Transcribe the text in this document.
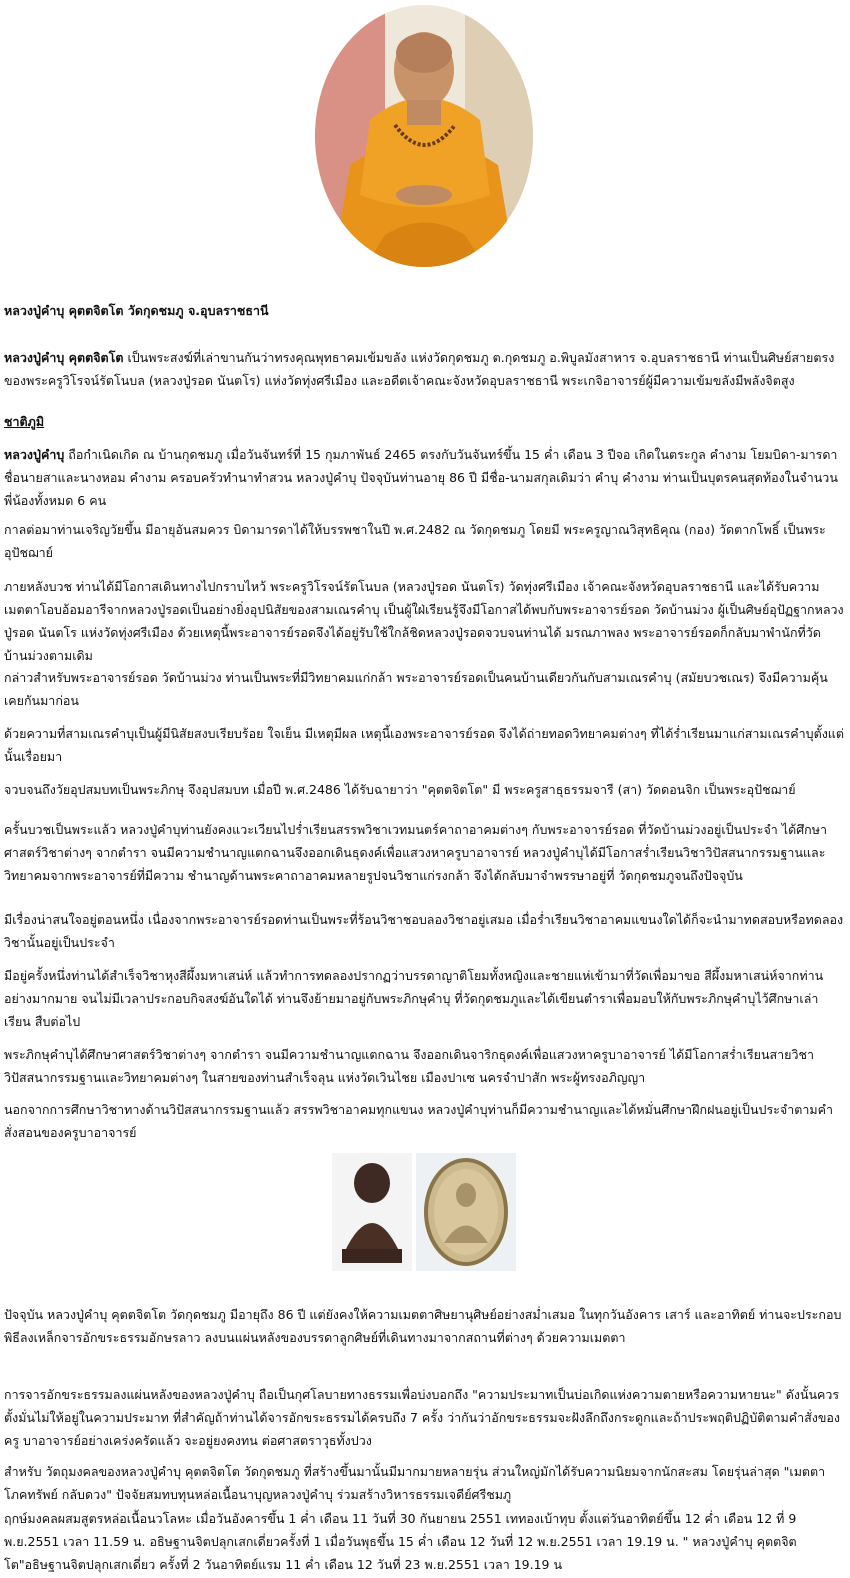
หลวงปู่คำบุ คุตตจิตโต วัดกุดชมภู จ.อุบลราชธานี

หลวงปู่คำบุ คุตตจิตโต เป็นพระสงฆ์ที่เล่าขานกันว่าทรงคุณพุทธาคมเข้มขลัง แห่งวัดกุดชมภู ต.กุดชมภู อ.พิบูลมังสาหาร จ.อุบลราชธานี ท่านเป็นศิษย์สายตรงของพระครูวิโรจน์รัตโนบล (หลวงปู่รอด นันตโร) แห่งวัดทุ่งศรีเมือง และอดีตเจ้าคณะจังหวัดอุบลราชธานี พระเกจิอาจารย์ผู้มีความเข้มขลังมีพลังจิตสูง

ชาติภูมิ

หลวงปู่คำบุ ถือกำเนิดเกิด ณ บ้านกุดชมภู เมื่อวันจันทร์ที่ 15 กุมภาพันธ์ 2465 ตรงกับวันจันทร์ขึ้น 15 ค่ำ เดือน 3 ปีจอ เกิดในตระกูล คำงาม โยมบิดา-มารดา ชื่อนายสาและนางหอม คำงาม ครอบครัวทำนาทำสวน หลวงปู่คำบุ ปัจจุบันท่านอายุ 86 ปี มีชื่อ-นามสกุลเดิมว่า คำบุ คำงาม ท่านเป็นบุตรคนสุดท้องในจำนวนพี่น้องทั้งหมด 6 คน

กาลต่อมาท่านเจริญวัยขึ้น มีอายุอันสมควร บิดามารดาได้ให้บรรพชาในปี พ.ศ.2482 ณ วัดกุดชมภู โดยมี พระครูญาณวิสุทธิคุณ (กอง) วัดตากโพธิ์ เป็นพระอุปัชฌาย์

ภายหลังบวช ท่านได้มีโอกาสเดินทางไปกราบไหว้ พระครูวิโรจน์รัตโนบล (หลวงปู่รอด นันตโร) วัดทุ่งศรีเมือง เจ้าคณะจังหวัดอุบลราชธานี และได้รับความเมตตาโอบอ้อมอารีจากหลวงปู่รอดเป็นอย่างยิ่งอุปนิสัยของสามเณรคำบุ เป็นผู้ใฝ่เรียนรู้จึงมีโอกาสได้พบกับพระอาจารย์รอด วัดบ้านม่วง ผู้เป็นศิษย์อุปัฏฐากหลวงปู่รอด นันตโร แห่งวัดทุ่งศรีเมือง ด้วยเหตุนี้พระอาจารย์รอดจึงได้อยู่รับใช้ใกล้ชิดหลวงปู่รอดจวบจนท่านได้ มรณภาพลง พระอาจารย์รอดก็กลับมาพำนักที่วัดบ้านม่วงตามเดิม

กล่าวสำหรับพระอาจารย์รอด วัดบ้านม่วง ท่านเป็นพระที่มีวิทยาคมแก่กล้า พระอาจารย์รอดเป็นคนบ้านเดียวกันกับสามเณรคำบุ (สมัยบวชเณร) จึงมีความคุ้นเคยกันมาก่อน

ด้วยความที่สามเณรคำบุเป็นผู้มีนิสัยสงบเรียบร้อย ใจเย็น มีเหตุมีผล เหตุนี้เองพระอาจารย์รอด จึงได้ถ่ายทอดวิทยาคมต่างๆ ที่ได้ร่ำเรียนมาแก่สามเณรคำบุตั้งแต่นั้นเรื่อยมา

จวบจนถึงวัยอุปสมบทเป็นพระภิกษุ จึงอุปสมบท เมื่อปี พ.ศ.2486 ได้รับฉายาว่า "คุตตจิตโต" มี พระครูสาธุธรรมจารี (สา) วัดดอนจิก เป็นพระอุปัชฌาย์

ครั้นบวชเป็นพระแล้ว หลวงปู่คำบุท่านยังคงแวะเวียนไปร่ำเรียนสรรพวิชาเวทมนตร์คาถาอาคมต่างๆ กับพระอาจารย์รอด ที่วัดบ้านม่วงอยู่เป็นประจำ ได้ศึกษาศาสตร์วิชาต่างๆ จากตำรา จนมีความชำนาญแตกฉานจึงออกเดินธุดงค์เพื่อแสวงหาครูบาอาจารย์ หลวงปู่คำบุได้มีโอกาสร่ำเรียนวิชาวิปัสสนากรรมฐานและวิทยาคมจากพระอาจารย์ที่มีความ ชำนาญด้านพระคาถาอาคมหลายรูปจนวิชาแก่รงกล้า จึงได้กลับมาจำพรรษาอยู่ที่ วัดกุดชมภูจนถึงปัจจุบัน

มีเรื่องน่าสนใจอยู่ตอนหนึ่ง เนื่องจากพระอาจารย์รอดท่านเป็นพระที่ร้อนวิชาชอบลองวิชาอยู่เสมอ เมื่อร่ำเรียนวิชาอาคมแขนงใดได้ก็จะนำมาทดสอบหรือทดลองวิชานั้นอยู่เป็นประจำ

มีอยู่ครั้งหนึ่งท่านได้สำเร็จวิชาหุงสีผึ้งมหาเสน่ห์ แล้วทำการทดลองปรากฏว่าบรรดาญาติโยมทั้งหญิงและชายแห่เข้ามาที่วัดเพื่อมาขอ สีผึ้งมหาเสน่ห์จากท่านอย่างมากมาย จนไม่มีเวลาประกอบกิจสงฆ์อันใดได้ ท่านจึงย้ายมาอยู่กับพระภิกษุคำบุ ที่วัดกุดชมภูและได้เขียนตำราเพื่อมอบให้กับพระภิกษุคำบุไว้ศึกษาเล่าเรียน สืบต่อไป

พระภิกษุคำบุได้ศึกษาศาสตร์วิชาต่างๆ จากตำรา จนมีความชำนาญแตกฉาน จึงออกเดินจาริกธุดงค์เพื่อแสวงหาครูบาอาจารย์ ได้มีโอกาสร่ำเรียนสายวิชาวิปัสสนากรรมฐานและวิทยาคมต่างๆ ในสายของท่านสำเร็จลุน แห่งวัดเวินไชย เมืองปาเซ นครจำปาสัก พระผู้ทรงอภิญญา

นอกจากการศึกษาวิชาทางด้านวิปัสสนากรรมฐานแล้ว สรรพวิชาอาคมทุกแขนง หลวงปู่คำบุท่านก็มีความชำนาญและได้หมั่นศึกษาฝึกฝนอยู่เป็นประจำตามคำสั่งสอนของครูบาอาจารย์

ปัจจุบัน หลวงปู่คำบุ คุตตจิตโต วัดกุดชมภู มีอายุถึง 86 ปี แต่ยังคงให้ความเมตตาศิษยานุศิษย์อย่างสม่ำเสมอ ในทุกวันอังคาร เสาร์ และอาทิตย์ ท่านจะประกอบพิธีลงเหล็กจารอักขระธรรมอักษรลาว ลงบนแผ่นหลังของบรรดาลูกศิษย์ที่เดินทางมาจากสถานที่ต่างๆ ด้วยความเมตตา

การจารอักขระธรรมลงแผ่นหลังของหลวงปู่คำบุ ถือเป็นกุศโลบายทางธรรมเพื่อบ่งบอกถึง "ความประมาทเป็นบ่อเกิดแห่งความตายหรือความหายนะ" ดังนั้นควรตั้งมั่นไม่ให้อยู่ในความประมาท ที่สำคัญถ้าท่านได้จารอักขระธรรมได้ครบถึง 7 ครั้ง ว่ากันว่าอักขระธรรมจะฝังลึกถึงกระดูกและถ้าประพฤติปฏิบัติตามคำสั่งของครู บาอาจารย์อย่างเคร่งครัดแล้ว จะอยู่ยงคงทน ต่อศาสตราวุธทั้งปวง

สำหรับ วัตถุมงคลของหลวงปู่คำบุ คุตตจิตโต วัดกุดชมภู ที่สร้างขึ้นมานั้นมีมากมายหลายรุ่น ส่วนใหญ่มักได้รับความนิยมจากนักสะสม โดยรุ่นล่าสุด "เมตตา โภคทรัพย์ กลับดวง" ปัจจัยสมทบทุนหล่อเนื้อนาบุญหลวงปู่คำบุ ร่วมสร้างวิหารธรรมเจดีย์ศรีชมภู

ฤกษ์มงคลผสมสูตรหล่อเนื้อนวโลหะ เมื่อวันอังคารขึ้น 1 ค่ำ เดือน 11 วันที่ 30 กันยายน 2551 เททองเบ้าทุบ ตั้งแต่วันอาทิตย์ขึ้น 12 ค่ำ เดือน 12 ที่ 9 พ.ย.2551 เวลา 11.59 น. อธิษฐานจิตปลุกเสกเดี่ยวครั้งที่ 1 เมื่อวันพุธขึ้น 15 ค่ำ เดือน 12 วันที่ 12 พ.ย.2551 เวลา 19.19 น. " หลวงปู่คำบุ คุตตจิตโต"อธิษฐานจิตปลุกเสกเดี่ยว ครั้งที่ 2 วันอาทิตย์แรม 11 ค่ำ เดือน 12 วันที่ 23 พ.ย.2551 เวลา 19.19 น
